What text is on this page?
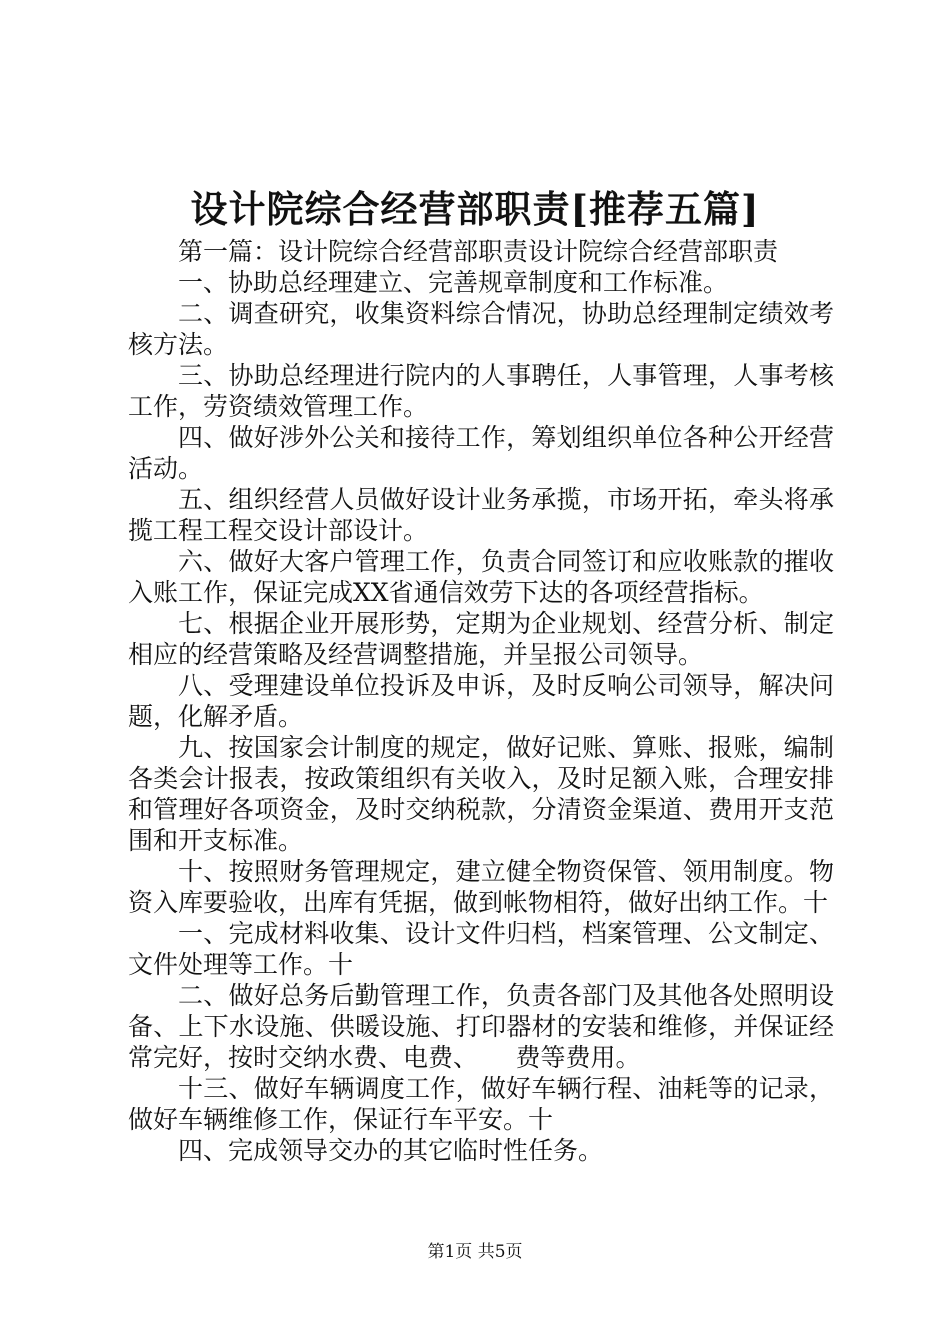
设计院综合经营部职责[推荐五篇]

第一篇：设计院综合经营部职责设计院综合经营部职责

一、协助总经理建立、完善规章制度和工作标准。

二、调查研究，收集资料综合情况，协助总经理制定绩效考核方法。

三、协助总经理进行院内的人事聘任，人事管理，人事考核工作，劳资绩效管理工作。

四、做好涉外公关和接待工作，筹划组织单位各种公开经营活动。

五、组织经营人员做好设计业务承揽，市场开拓，牵头将承揽工程工程交设计部设计。

六、做好大客户管理工作，负责合同签订和应收账款的摧收入账工作，保证完成XX省通信效劳下达的各项经营指标。

七、根据企业开展形势，定期为企业规划、经营分析、制定相应的经营策略及经营调整措施，并呈报公司领导。

八、受理建设单位投诉及申诉，及时反响公司领导，解决问题，化解矛盾。

九、按国家会计制度的规定，做好记账、算账、报账，编制各类会计报表，按政策组织有关收入，及时足额入账，合理安排和管理好各项资金，及时交纳税款，分清资金渠道、费用开支范围和开支标准。

十、按照财务管理规定，建立健全物资保管、领用制度。物资入库要验收，出库有凭据，做到帐物相符，做好出纳工作。十

一、完成材料收集、设计文件归档，档案管理、公文制定、文件处理等工作。十

二、做好总务后勤管理工作，负责各部门及其他各处照明设备、上下水设施、供暖设施、打印器材的安装和维修，并保证经常完好，按时交纳水费、电费、　　费等费用。

十三、做好车辆调度工作，做好车辆行程、油耗等的记录，做好车辆维修工作，保证行车平安。十

四、完成领导交办的其它临时性任务。

第1页 共5页
